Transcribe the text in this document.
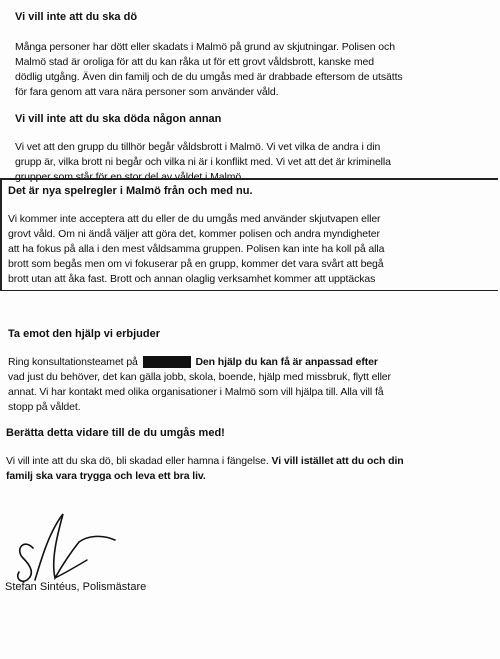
Vi vill inte att du ska dö

Många personer har dött eller skadats i Malmö på grund av skjutningar. Polisen och
Malmö stad är oroliga för att du kan råka ut för ett grovt våldsbrott, kanske med
dödlig utgång. Även din familj och de du umgås med är drabbade eftersom de utsätts
för fara genom att vara nära personer som använder våld.

Vi vill inte att du ska döda någon annan

Vi vet att den grupp du tillhör begår våldsbrott i Malmö. Vi vet vilka de andra i din
grupp är, vilka brott ni begår och vilka ni är i konflikt med. Vi vet att det är kriminella
grupper som står för en stor del av våldet i Malmö.

Det är nya spelregler i Malmö från och med nu.

Vi kommer inte acceptera att du eller de du umgås med använder skjutvapen eller
grovt våld. Om ni ändå väljer att göra det, kommer polisen och andra myndigheter
att ha fokus på alla i den mest våldsamma gruppen. Polisen kan inte ha koll på alla
brott som begås men om vi fokuserar på en grupp, kommer det vara svårt att begå
brott utan att åka fast. Brott och annan olaglig verksamhet kommer att upptäckas

Ta emot den hjälp vi erbjuder

Ring konsultationsteamet på	Den hjälp du kan få är anpassad efter
vad just du behöver, det kan gälla jobb, skola, boende, hjälp med missbruk, flytt eller
annat. Vi har kontakt med olika organisationer i Malmö som vill hjälpa till. Alla vill få
stopp på våldet.

Berätta detta vidare till de du umgås med!

Vi vill inte att du ska dö, bli skadad eller hamna i fängelse. Vi vill istället att du och din
familj ska vara trygga och leva ett bra liv.
Stefan Sintéus, Polismästare
